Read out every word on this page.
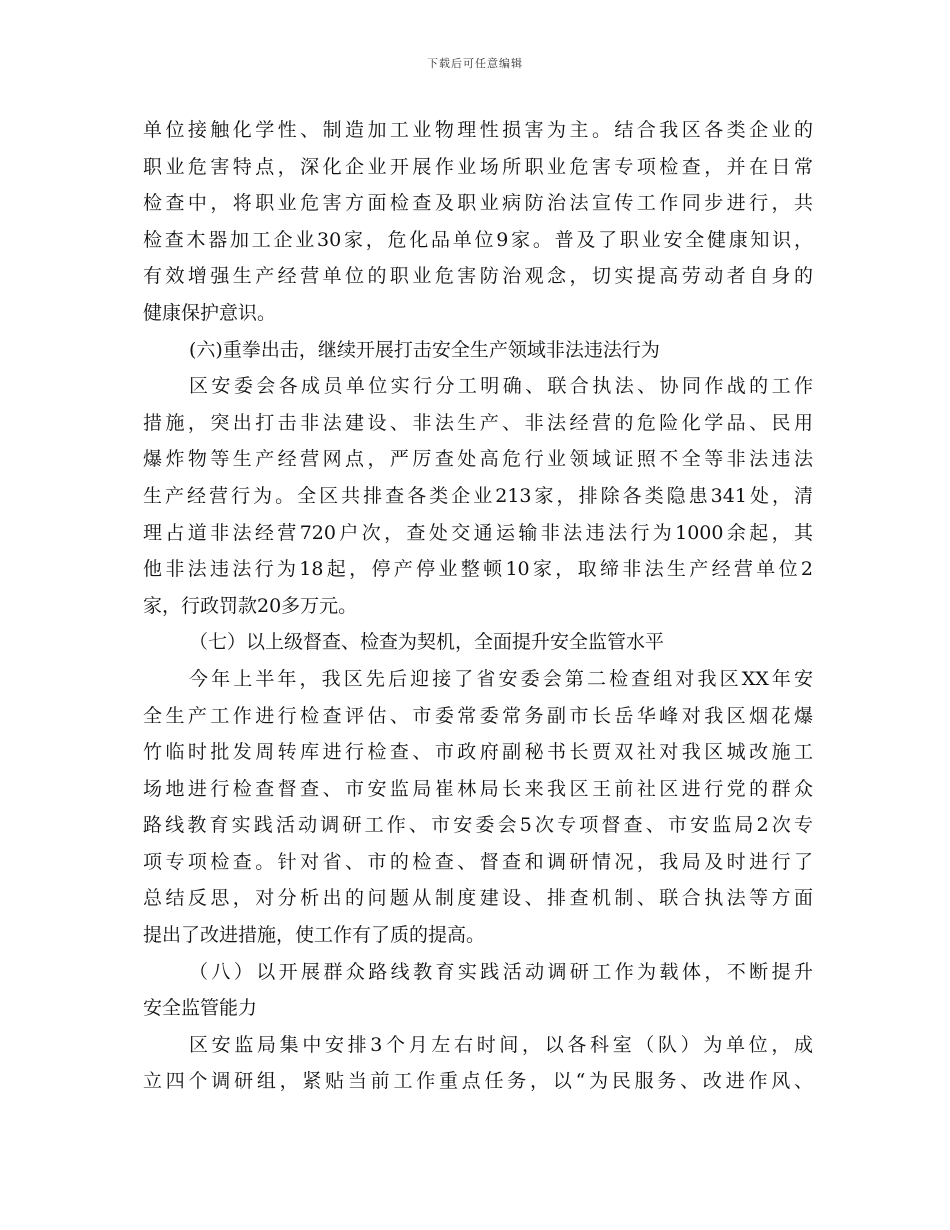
下载后可任意编辑
单位接触化学性、制造加工业物理性损害为主。结合我区各类企业的
职业危害特点，深化企业开展作业场所职业危害专项检查，并在日常
检查中，将职业危害方面检查及职业病防治法宣传工作同步进行，共
检查木器加工企业30家，危化品单位9家。普及了职业安全健康知识，
有效增强生产经营单位的职业危害防治观念，切实提高劳动者自身的
健康保护意识。
(六)重拳出击，继续开展打击安全生产领域非法违法行为
区安委会各成员单位实行分工明确、联合执法、协同作战的工作
措施，突出打击非法建设、非法生产、非法经营的危险化学品、民用
爆炸物等生产经营网点，严厉查处高危行业领域证照不全等非法违法
生产经营行为。全区共排查各类企业213家，排除各类隐患341处，清
理占道非法经营720户次，查处交通运输非法违法行为1000余起，其
他非法违法行为18起，停产停业整顿10家，取缔非法生产经营单位2
家，行政罚款20多万元。
（七）以上级督查、检查为契机，全面提升安全监管水平
今年上半年，我区先后迎接了省安委会第二检查组对我区XX年安
全生产工作进行检查评估、市委常委常务副市长岳华峰对我区烟花爆
竹临时批发周转库进行检查、市政府副秘书长贾双社对我区城改施工
场地进行检查督查、市安监局崔林局长来我区王前社区进行党的群众
路线教育实践活动调研工作、市安委会5次专项督查、市安监局2次专
项专项检查。针对省、市的检查、督查和调研情况，我局及时进行了
总结反思，对分析出的问题从制度建设、排查机制、联合执法等方面
提出了改进措施，使工作有了质的提高。
（八）以开展群众路线教育实践活动调研工作为载体，不断提升
安全监管能力
区安监局集中安排3个月左右时间，以各科室（队）为单位，成
立四个调研组，紧贴当前工作重点任务，以“为民服务、改进作风、
